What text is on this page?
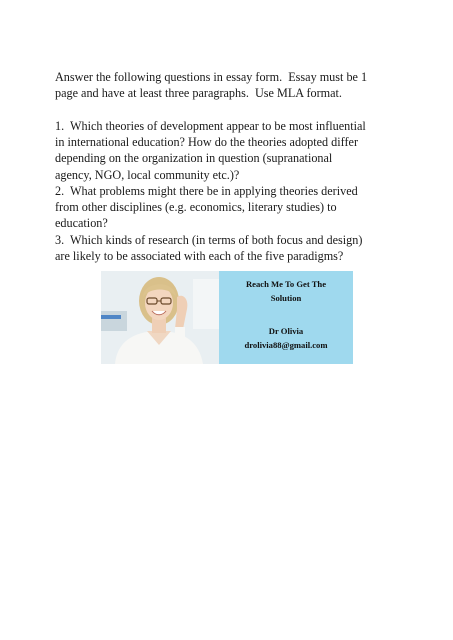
Answer the following questions in essay form.  Essay must be 1
page and have at least three paragraphs.  Use MLA format.

1.  Which theories of development appear to be most influential
in international education? How do the theories adopted differ
depending on the organization in question (supranational
agency, NGO, local community etc.)?

2.  What problems might there be in applying theories derived
from other disciplines (e.g. economics, literary studies) to
education?

3.  Which kinds of research (in terms of both focus and design)
are likely to be associated with each of the five paradigms?

Reach Me To Get The
Solution
Dr Olivia
drolivia88@gmail.com
